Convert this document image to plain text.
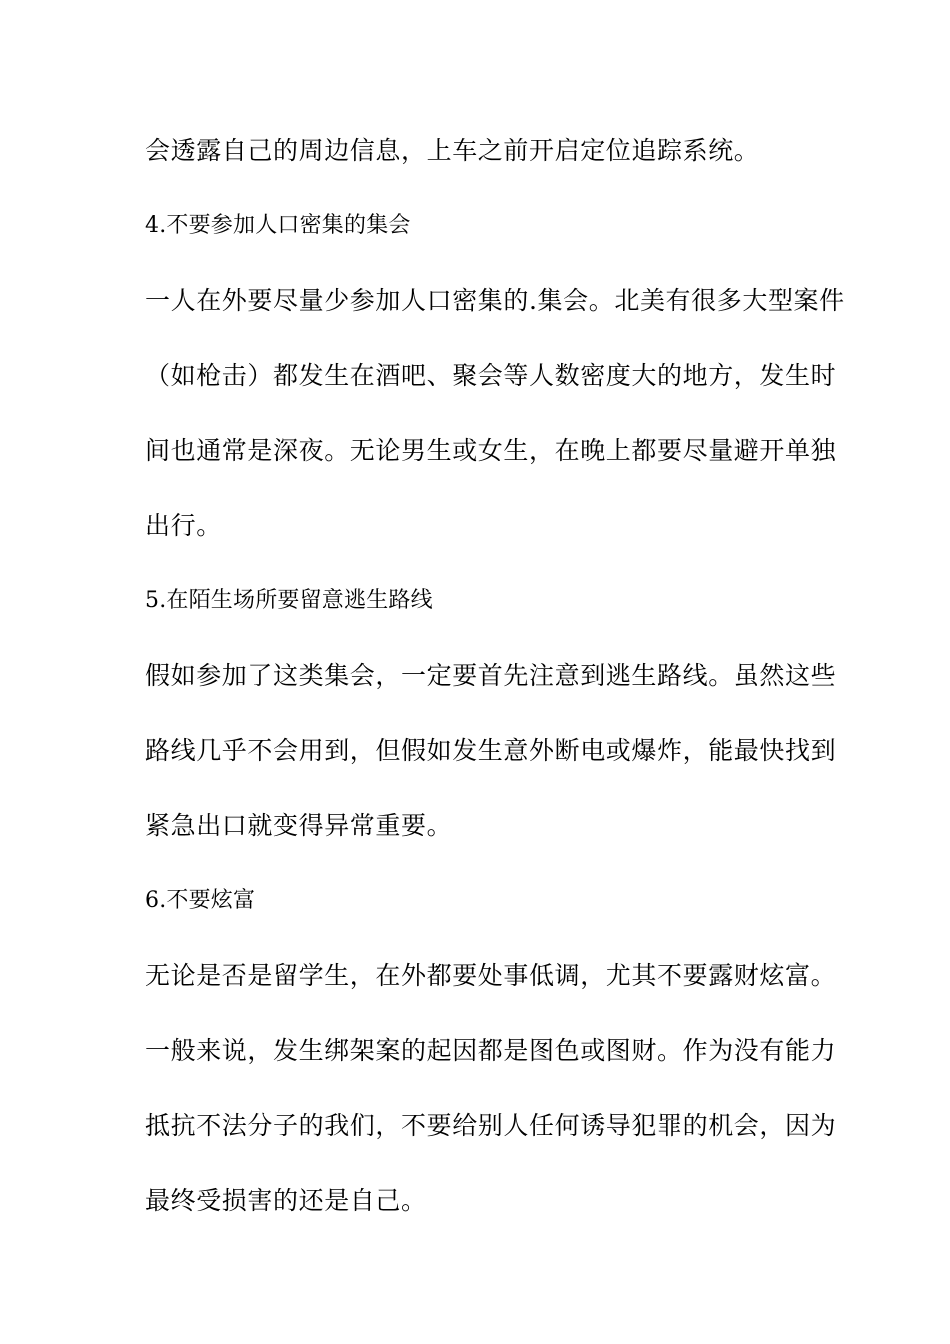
会透露自己的周边信息，上车之前开启定位追踪系统。

4.不要参加人口密集的集会

一人在外要尽量少参加人口密集的.集会。北美有很多大型案件

（如枪击）都发生在酒吧、聚会等人数密度大的地方，发生时

间也通常是深夜。无论男生或女生，在晚上都要尽量避开单独

出行。

5.在陌生场所要留意逃生路线

假如参加了这类集会，一定要首先注意到逃生路线。虽然这些

路线几乎不会用到，但假如发生意外断电或爆炸，能最快找到

紧急出口就变得异常重要。

6.不要炫富

无论是否是留学生，在外都要处事低调，尤其不要露财炫富。

一般来说，发生绑架案的起因都是图色或图财。作为没有能力

抵抗不法分子的我们，不要给别人任何诱导犯罪的机会，因为

最终受损害的还是自己。
